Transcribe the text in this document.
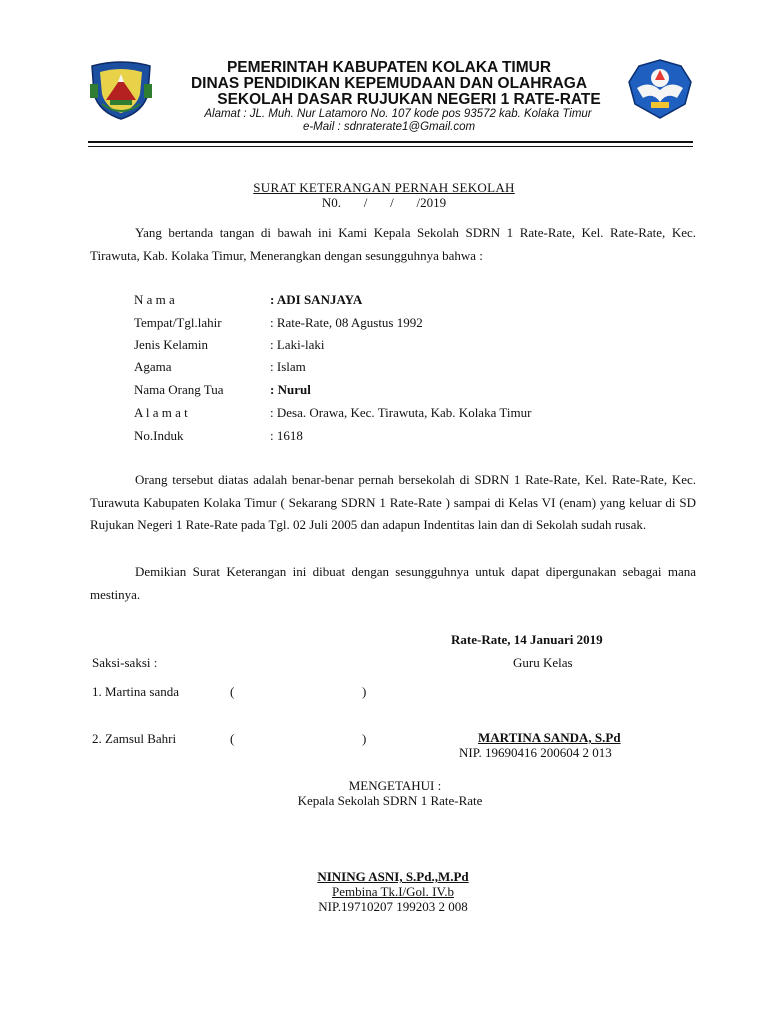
PEMERINTAH KABUPATEN KOLAKA TIMUR
DINAS PENDIDIKAN KEPEMUDAAN DAN OLAHRAGA
SEKOLAH DASAR RUJUKAN NEGERI 1 RATE-RATE
Alamat : JL. Muh. Nur Latamoro No. 107 kode pos 93572 kab. Kolaka Timur
e-Mail : sdnraterate1@Gmail.com
SURAT KETERANGAN PERNAH SEKOLAH
N0.       /       /       /2019
Yang bertanda tangan di bawah ini Kami Kepala Sekolah SDRN 1 Rate-Rate, Kel. Rate-Rate, Kec. Tirawuta, Kab. Kolaka Timur, Menerangkan dengan sesungguhnya bahwa :
N a m a	: ADI SANJAYA
Tempat/Tgl.lahir	: Rate-Rate, 08 Agustus 1992
Jenis Kelamin	: Laki-laki
Agama	: Islam
Nama Orang Tua	: Nurul
A l a m a t	: Desa. Orawa, Kec. Tirawuta, Kab. Kolaka Timur
No.Induk	: 1618
Orang tersebut diatas adalah benar-benar pernah bersekolah di SDRN 1 Rate-Rate, Kel. Rate-Rate, Kec. Turawuta Kabupaten Kolaka Timur ( Sekarang SDRN 1 Rate-Rate ) sampai di Kelas VI (enam) yang keluar di SD Rujukan Negeri 1 Rate-Rate pada Tgl. 02 Juli 2005 dan adapun Indentitas lain dan di Sekolah sudah rusak.
Demikian Surat Keterangan ini dibuat dengan sesungguhnya untuk dapat dipergunakan sebagai mana mestinya.
Rate-Rate, 14 Januari 2019
Saksi-saksi :	Guru Kelas
1. Martina sanda	(	)
2. Zamsul Bahri	(	)	MARTINA SANDA, S.Pd
NIP. 19690416 200604 2 013
MENGETAHUI :
Kepala Sekolah SDRN 1 Rate-Rate
NINING ASNI, S.Pd.,M.Pd
Pembina Tk.I/Gol. IV.b
NIP.19710207 199203 2 008
